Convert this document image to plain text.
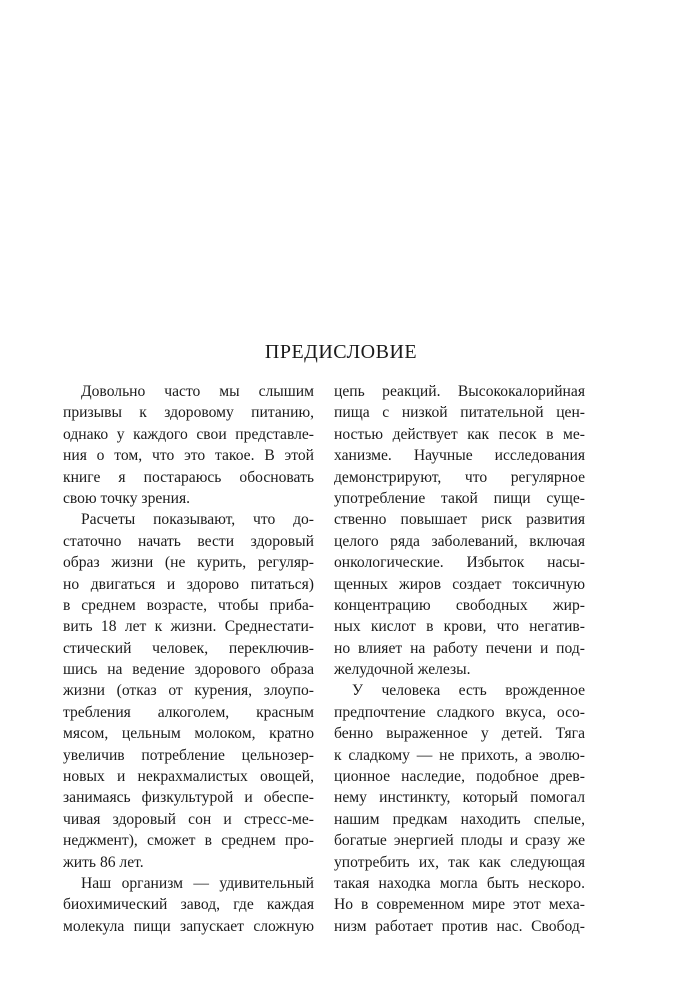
ПРЕДИСЛОВИЕ
Довольно часто мы слышим
призывы к здоровому питанию,
однако у каждого свои представле-
ния о том, что это такое. В этой
книге я постараюсь обосновать
свою точку зрения.
Расчеты показывают, что до-
статочно начать вести здоровый
образ жизни (не курить, регуляр-
но двигаться и здорово питаться)
в среднем возрасте, чтобы приба-
вить 18 лет к жизни. Среднестати-
стический человек, переключив-
шись на ведение здорового образа
жизни (отказ от курения, злоупо-
требления алкоголем, красным
мясом, цельным молоком, кратно
увеличив потребление цельнозер-
новых и некрахмалистых овощей,
занимаясь физкультурой и обеспе-
чивая здоровый сон и стресс-ме-
неджмент), сможет в среднем про-
жить 86 лет.
Наш организм — удивительный
биохимический завод, где каждая
молекула пищи запускает сложную
цепь реакций. Высококалорийная
пища с низкой питательной цен-
ностью действует как песок в ме-
ханизме. Научные исследования
демонстрируют, что регулярное
употребление такой пищи суще-
ственно повышает риск развития
целого ряда заболеваний, включая
онкологические. Избыток насы-
щенных жиров создает токсичную
концентрацию свободных жир-
ных кислот в крови, что негатив-
но влияет на работу печени и под-
желудочной железы.
У человека есть врожденное
предпочтение сладкого вкуса, осо-
бенно выраженное у детей. Тяга
к сладкому — не прихоть, а эволю-
ционное наследие, подобное древ-
нему инстинкту, который помогал
нашим предкам находить спелые,
богатые энергией плоды и сразу же
употребить их, так как следующая
такая находка могла быть нескоро.
Но в современном мире этот меха-
низм работает против нас. Свобод-
